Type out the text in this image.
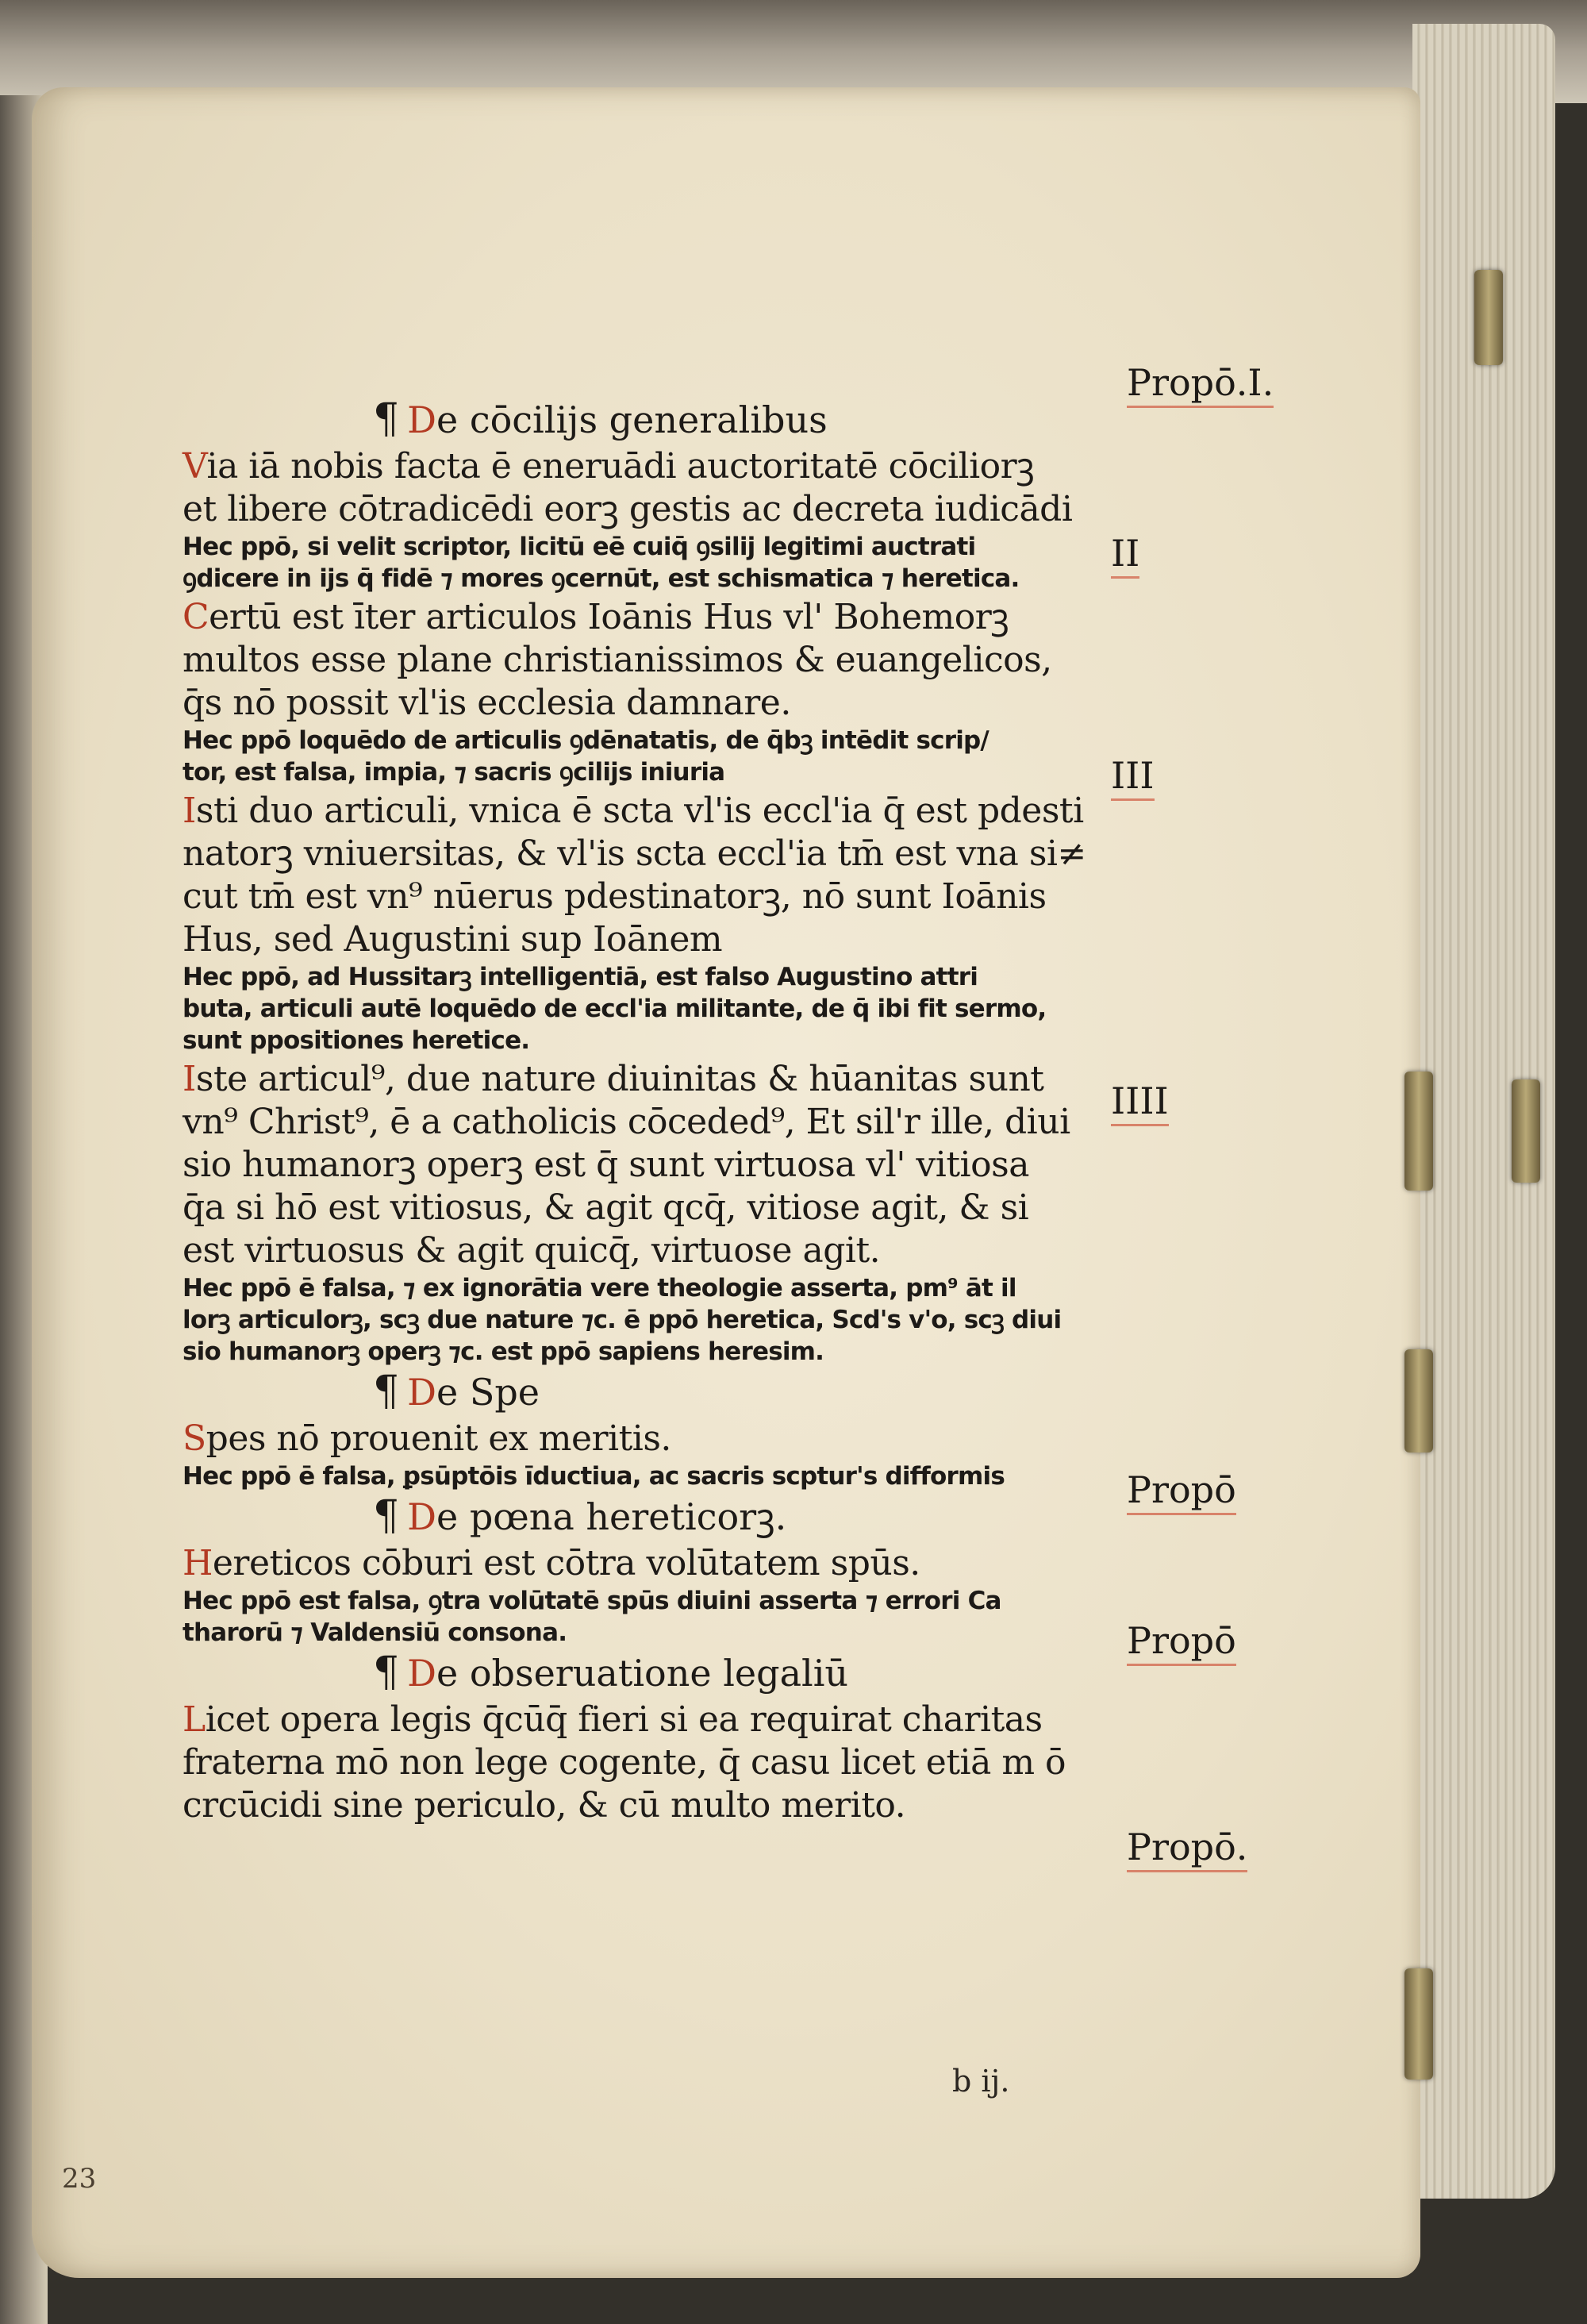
¶ De cōcilijs generalibus
Via iā nobis facta ē eneruādi auctoritatē cōciliorꝫ
et libere cōtradicēdi eorꝫ gestis ac decreta iudicādi
Hec ppō, si velit scriptor, licitū eē cuiq̄ ꝯsilij legitimi auctrati
ꝯdicere in ijs q̄ fidē ⁊ mores ꝯcernūt, est schismatica ⁊ heretica.
Certū est īter articulos Ioānis Hus vl' Bohemorꝫ
multos esse plane christianissimos & euangelicos,
q̄s nō possit vl'is ecclesia damnare.
Hec ppō loquēdo de articulis ꝯdēnatatis, de q̄bꝫ intēdit scrip/
tor, est falsa, impia, ⁊ sacris ꝯcilijs iniuria
Isti duo articuli, vnica ē scta vl'is eccl'ia q̄ est pdesti
natorꝫ vniuersitas, & vl'is scta eccl'ia tm̄ est vna si≠
cut tm̄ est vn⁹ nūerus pdestinatorꝫ, nō sunt Ioānis
Hus, sed Augustini sup Ioānem
Hec ppō, ad Hussitarꝫ intelligentiā, est falso Augustino attri
buta, articuli autē loquēdo de eccl'ia militante, de q̄ ibi fit sermo,
sunt ppositiones heretice.
Iste articul⁹, due nature diuinitas & hūanitas sunt
vn⁹ Christ⁹, ē a catholicis cōceded⁹, Et sil'r ille, diui
sio humanorꝫ operꝫ est q̄ sunt virtuosa vl' vitiosa
q̄a si hō est vitiosus, & agit qcq̄, vitiose agit, & si
est virtuosus & agit quicq̄, virtuose agit.
Hec ppō ē falsa, ⁊ ex ignorātia vere theologie asserta, pm⁹ āt il
lorꝫ articulorꝫ, scꝫ due nature ⁊c. ē ppō heretica, Scd's v'o, scꝫ diui
sio humanorꝫ operꝫ ⁊c. est ppō sapiens heresim.
¶ De Spe
Spes nō prouenit ex meritis.
Hec ppō ē falsa, ꝑsūptōis īductiua, ac sacris scptur's difformis
¶ De pœna hereticorꝫ.
Hereticos cōburi est cōtra volūtatem spūs.
Hec ppō est falsa, ꝯtra volūtatē spūs diuini asserta ⁊ errori Ca
tharorū ⁊ Valdensiū consona.
¶ De obseruatione legaliū
Licet opera legis q̄cūq̄ fieri si ea requirat charitas
fraterna mō non lege cogente, q̄ casu licet etiā m ō
crcūcidi sine periculo, & cū multo merito.
Propō.I.
II
III
IIII
Propō
Propō
Propō.
b ij.
23
